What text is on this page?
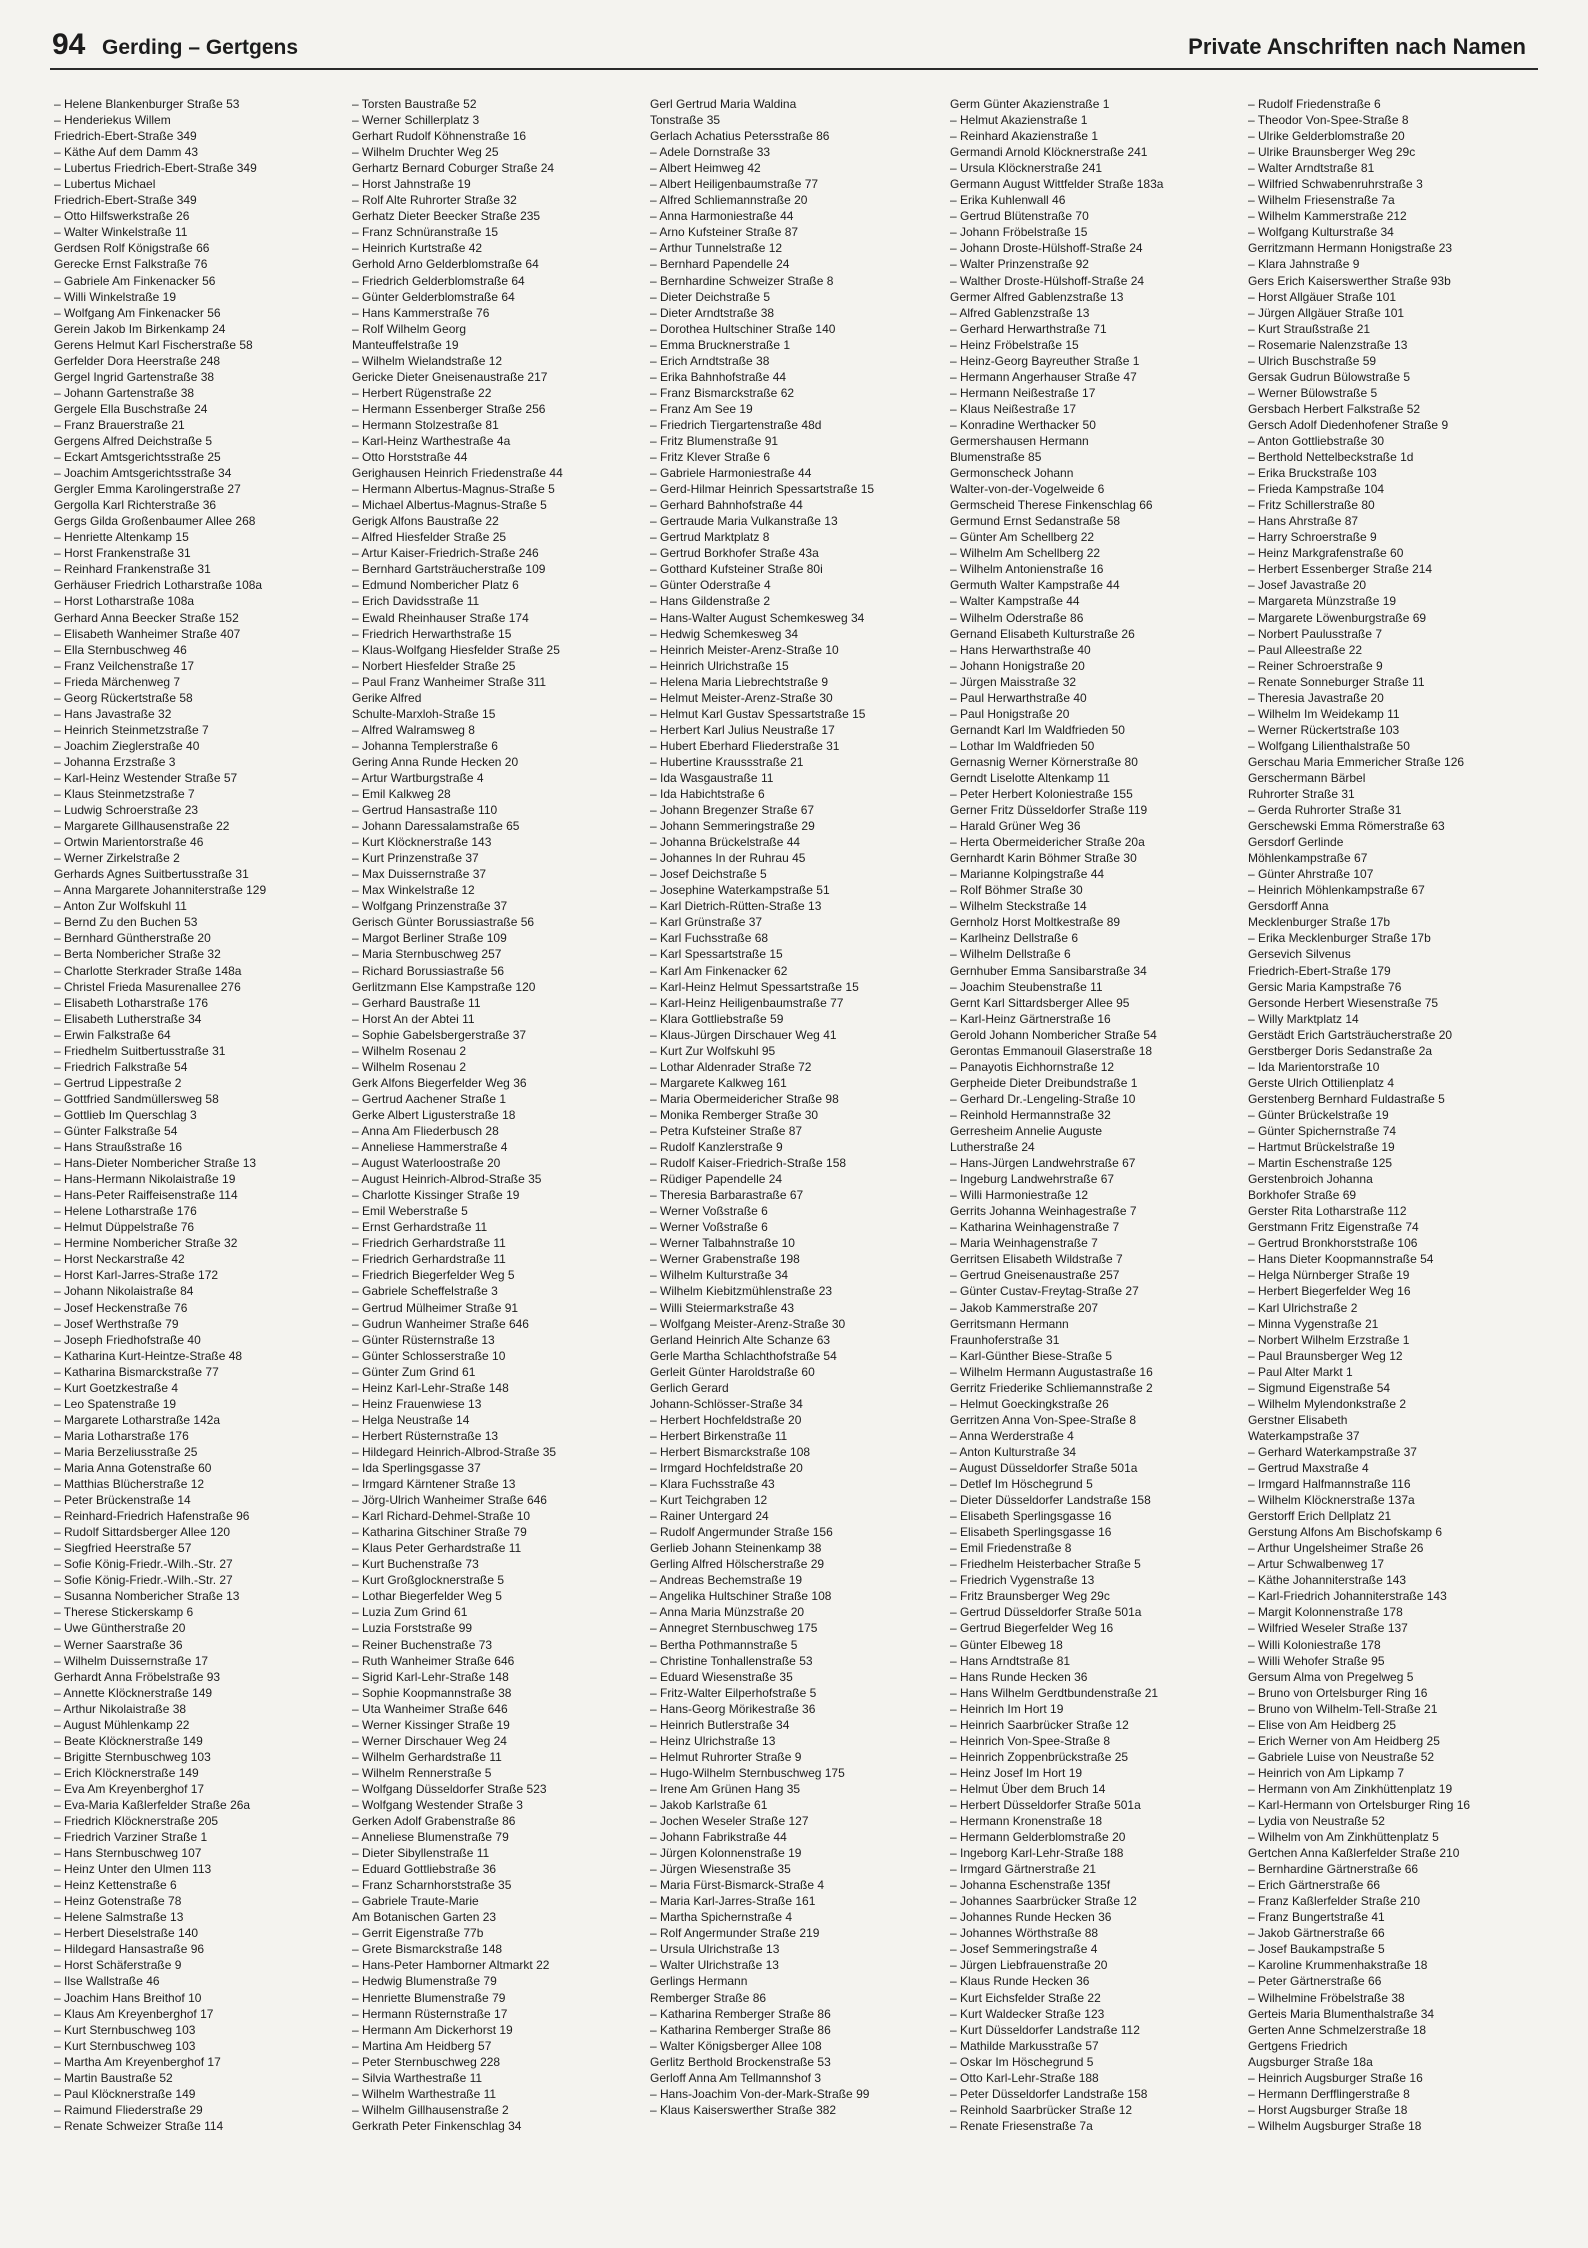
94 Gerding – Gertgens	Private Anschriften nach Namen
– Helene Blankenburger Straße 53
– Henderiekus Willem
Friedrich-Ebert-Straße 349
– Käthe Auf dem Damm 43
– Lubertus Friedrich-Ebert-Straße 349
– Lubertus Michael
Friedrich-Ebert-Straße 349
– Otto Hilfswerkstraße 26
– Walter Winkelstraße 11
Gerdsen Rolf Königstraße 66
Gerecke Ernst Falkstraße 76
– Gabriele Am Finkenacker 56
– Willi Winkelstraße 19
– Wolfgang Am Finkenacker 56
Gerein Jakob Im Birkenkamp 24
Gerens Helmut Karl Fischerstraße 58
Gerfelder Dora Heerstraße 248
Gergel Ingrid Gartenstraße 38
– Johann Gartenstraße 38
Gergele Ella Buschstraße 24
– Franz Brauerstraße 21
Gergens Alfred Deichstraße 5
– Eckart Amtsgerichtsstraße 25
– Joachim Amtsgerichtsstraße 34
Gergler Emma Karolingerstraße 27
Gergolla Karl Richterstraße 36
Gergs Gilda Großenbaumer Allee 268
– Henriette Altenkamp 15
– Horst Frankenstraße 31
– Reinhard Frankenstraße 31
Gerhäuser Friedrich Lotharstraße 108a
– Horst Lotharstraße 108a
Gerhard Anna Beecker Straße 152
– Elisabeth Wanheimer Straße 407
– Ella Sternbuschweg 46
– Franz Veilchenstraße 17
– Frieda Märchenweg 7
– Georg Rückertstraße 58
– Hans Javastraße 32
– Heinrich Steinmetzstraße 7
– Joachim Zieglerstraße 40
– Johanna Erzstraße 3
– Karl-Heinz Westender Straße 57
– Klaus Steinmetzstraße 7
– Ludwig Schroerstraße 23
– Margarete Gillhausenstraße 22
– Ortwin Marientorstraße 46
– Werner Zirkelstraße 2
Gerhards Agnes Suitbertusstraße 31
– Anna Margarete Johanniterstraße 129
– Anton Zur Wolfskuhl 11
– Bernd Zu den Buchen 53
– Bernhard Güntherstraße 20
– Berta Nombericher Straße 32
– Charlotte Sterkrader Straße 148a
– Christel Frieda Masurenallee 276
– Elisabeth Lotharstraße 176
– Elisabeth Lutherstraße 34
– Erwin Falkstraße 64
– Friedhelm Suitbertusstraße 31
– Friedrich Falkstraße 54
– Gertrud Lippestraße 2
– Gottfried Sandmüllersweg 58
– Gottlieb Im Querschlag 3
– Günter Falkstraße 54
– Hans Straußstraße 16
– Hans-Dieter Nombericher Straße 13
– Hans-Hermann Nikolaistraße 19
– Hans-Peter Raiffeisenstraße 114
– Helene Lotharstraße 176
– Helmut Düppelstraße 76
– Hermine Nombericher Straße 32
– Horst Neckarstraße 42
– Horst Karl-Jarres-Straße 172
– Johann Nikolaistraße 84
– Josef Heckenstraße 76
– Josef Werthstraße 79
– Joseph Friedhofstraße 40
– Katharina Kurt-Heintze-Straße 48
– Katharina Bismarckstraße 77
– Kurt Goetzkestraße 4
– Leo Spatenstraße 19
– Margarete Lotharstraße 142a
– Maria Lotharstraße 176
– Maria Berzeliusstraße 25
– Maria Anna Gotenstraße 60
– Matthias Blücherstraße 12
– Peter Brückenstraße 14
– Reinhard-Friedrich Hafenstraße 96
– Rudolf Sittardsberger Allee 120
– Siegfried Heerstraße 57
– Sofie König-Friedr.-Wilh.-Str. 27
– Sofie König-Friedr.-Wilh.-Str. 27
– Susanna Nombericher Straße 13
– Therese Stickerskamp 6
– Uwe Güntherstraße 20
– Werner Saarstraße 36
– Wilhelm Duissernstraße 17
Gerhardt Anna Fröbelstraße 93
– Annette Klöcknerstraße 149
– Arthur Nikolaistraße 38
– August Mühlenkamp 22
– Beate Klöcknerstraße 149
– Brigitte Sternbuschweg 103
– Erich Klöcknerstraße 149
– Eva Am Kreyenberghof 17
– Eva-Maria Kaßlerfelder Straße 26a
– Friedrich Klöcknerstraße 205
– Friedrich Varziner Straße 1
– Hans Sternbuschweg 107
– Heinz Unter den Ulmen 113
– Heinz Kettenstraße 6
– Heinz Gotenstraße 78
– Helene Salmstraße 13
– Herbert Dieselstraße 140
– Hildegard Hansastraße 96
– Horst Schäferstraße 9
– Ilse Wallstraße 46
– Joachim Hans Breithof 10
– Klaus Am Kreyenberghof 17
– Kurt Sternbuschweg 103
– Kurt Sternbuschweg 103
– Martha Am Kreyenberghof 17
– Martin Baustraße 52
– Paul Klöcknerstraße 149
– Raimund Fliederstraße 29
– Renate Schweizer Straße 114
– Torsten Baustraße 52
– Werner Schillerplatz 3
Gerhart Rudolf Köhnenstraße 16
– Wilhelm Druchter Weg 25
Gerhartz Bernard Coburger Straße 24
– Horst Jahnstraße 19
– Rolf Alte Ruhrorter Straße 32
Gerhatz Dieter Beecker Straße 235
– Franz Schnüranstraße 15
– Heinrich Kurtstraße 42
Gerhold Arno Gelderblomstraße 64
– Friedrich Gelderblomstraße 64
– Günter Gelderblomstraße 64
– Hans Kammerstraße 76
– Rolf Wilhelm Georg
Manteuffelstraße 19
– Wilhelm Wielandstraße 12
Gericke Dieter Gneisenaustraße 217
– Herbert Rügenstraße 22
– Hermann Essenberger Straße 256
– Hermann Stolzestraße 81
– Karl-Heinz Warthestraße 4a
– Otto Horststraße 44
Gerighausen Heinrich Friedenstraße 44
– Hermann Albertus-Magnus-Straße 5
– Michael Albertus-Magnus-Straße 5
Gerigk Alfons Baustraße 22
– Alfred Hiesfelder Straße 25
– Artur Kaiser-Friedrich-Straße 246
– Bernhard Gartsträucherstraße 109
– Edmund Nombericher Platz 6
– Erich Davidsstraße 11
– Ewald Rheinhauser Straße 174
– Friedrich Herwarthstraße 15
– Klaus-Wolfgang Hiesfelder Straße 25
– Norbert Hiesfelder Straße 25
– Paul Franz Wanheimer Straße 311
Gerike Alfred
Schulte-Marxloh-Straße 15
– Alfred Walramsweg 8
– Johanna Templerstraße 6
Gering Anna Runde Hecken 20
– Artur Wartburgstraße 4
– Emil Kalkweg 28
– Gertrud Hansastraße 110
– Johann Daressalamstraße 65
– Kurt Klöcknerstraße 143
– Kurt Prinzenstraße 37
– Max Duissernstraße 37
– Max Winkelstraße 12
– Wolfgang Prinzenstraße 37
Gerisch Günter Borussiastraße 56
– Margot Berliner Straße 109
– Maria Sternbuschweg 257
– Richard Borussiastraße 56
Gerlitzmann Else Kampstraße 120
– Gerhard Baustraße 11
– Horst An der Abtei 11
– Sophie Gabelsbergerstraße 37
– Wilhelm Rosenau 2
– Wilhelm Rosenau 2
Gerk Alfons Biegerfelder Weg 36
– Gertrud Aachener Straße 1
Gerke Albert Ligusterstraße 18
– Anna Am Fliederbusch 28
– Anneliese Hammerstraße 4
– August Waterloostraße 20
– August Heinrich-Albrod-Straße 35
– Charlotte Kissinger Straße 19
– Emil Weberstraße 5
– Ernst Gerhardstraße 11
– Friedrich Gerhardstraße 11
– Friedrich Gerhardstraße 11
– Friedrich Biegerfelder Weg 5
– Gabriele Scheffelstraße 3
– Gertrud Mülheimer Straße 91
– Gudrun Wanheimer Straße 646
– Günter Rüsternstraße 13
– Günter Schlosserstraße 10
– Günter Zum Grind 61
– Heinz Karl-Lehr-Straße 148
– Heinz Frauenwiese 13
– Helga Neustraße 14
– Herbert Rüsternstraße 13
– Hildegard Heinrich-Albrod-Straße 35
– Ida Sperlingsgasse 37
– Irmgard Kärntener Straße 13
– Jörg-Ulrich Wanheimer Straße 646
– Karl Richard-Dehmel-Straße 10
– Katharina Gitschiner Straße 79
– Klaus Peter Gerhardstraße 11
– Kurt Buchenstraße 73
– Kurt Großglocknerstraße 5
– Lothar Biegerfelder Weg 5
– Luzia Zum Grind 61
– Luzia Forststraße 99
– Reiner Buchenstraße 73
– Ruth Wanheimer Straße 646
– Sigrid Karl-Lehr-Straße 148
– Sophie Koopmannstraße 38
– Uta Wanheimer Straße 646
– Werner Kissinger Straße 19
– Werner Dirschauer Weg 24
– Wilhelm Gerhardstraße 11
– Wilhelm Rennerstraße 5
– Wolfgang Düsseldorfer Straße 523
– Wolfgang Westender Straße 3
Gerken Adolf Grabenstraße 86
– Anneliese Blumenstraße 79
– Dieter Sibyllenstraße 11
– Eduard Gottliebstraße 36
– Franz Scharnhorststraße 35
– Gabriele Traute-Marie
Am Botanischen Garten 23
– Gerrit Eigenstraße 77b
– Grete Bismarckstraße 148
– Hans-Peter Hamborner Altmarkt 22
– Hedwig Blumenstraße 79
– Henriette Blumenstraße 79
– Hermann Rüsternstraße 17
– Hermann Am Dickerhorst 19
– Martina Am Heidberg 57
– Peter Sternbuschweg 228
– Silvia Warthestraße 11
– Wilhelm Warthestraße 11
– Wilhelm Gillhausenstraße 2
Gerkrath Peter Finkenschlag 34
Gerl Gertrud Maria Waldina
Tonstraße 35
Gerlach Achatius Petersstraße 86
– Adele Dornstraße 33
– Albert Heimweg 42
– Albert Heiligenbaumstraße 77
– Alfred Schliemannstraße 20
– Anna Harmoniestraße 44
– Arno Kufsteiner Straße 87
– Arthur Tunnelstraße 12
– Bernhard Papendelle 24
– Bernhardine Schweizer Straße 8
– Dieter Deichstraße 5
– Dieter Arndtstraße 38
– Dorothea Hultschiner Straße 140
– Emma Brucknerstraße 1
– Erich Arndtstraße 38
– Erika Bahnhofstraße 44
– Franz Bismarckstraße 62
– Franz Am See 19
– Friedrich Tiergartenstraße 48d
– Fritz Blumenstraße 91
– Fritz Klever Straße 6
– Gabriele Harmoniestraße 44
– Gerd-Hilmar Heinrich Spessartstraße 15
– Gerhard Bahnhofstraße 44
– Gertraude Maria Vulkanstraße 13
– Gertrud Marktplatz 8
– Gertrud Borkhofer Straße 43a
– Gotthard Kufsteiner Straße 80i
– Günter Oderstraße 4
– Hans Gildenstraße 2
– Hans-Walter August Schemkesweg 34
– Hedwig Schemkesweg 34
– Heinrich Meister-Arenz-Straße 10
– Heinrich Ulrichstraße 15
– Helena Maria Liebrechtstraße 9
– Helmut Meister-Arenz-Straße 30
– Helmut Karl Gustav Spessartstraße 15
– Herbert Karl Julius Neustraße 17
– Hubert Eberhard Fliederstraße 31
– Hubertine Kraussstraße 21
– Ida Wasgaustraße 11
– Ida Habichtstraße 6
– Johann Bregenzer Straße 67
– Johann Semmeringstraße 29
– Johanna Brückelstraße 44
– Johannes In der Ruhrau 45
– Josef Deichstraße 5
– Josephine Waterkampstraße 51
– Karl Dietrich-Rütten-Straße 13
– Karl Grünstraße 37
– Karl Fuchsstraße 68
– Karl Spessartstraße 15
– Karl Am Finkenacker 62
– Karl-Heinz Helmut Spessartstraße 15
– Karl-Heinz Heiligenbaumstraße 77
– Klara Gottliebstraße 59
– Klaus-Jürgen Dirschauer Weg 41
– Kurt Zur Wolfskuhl 95
– Lothar Aldenrader Straße 72
– Margarete Kalkweg 161
– Maria Obermeidericher Straße 98
– Monika Remberger Straße 30
– Petra Kufsteiner Straße 87
– Rudolf Kanzlerstraße 9
– Rudolf Kaiser-Friedrich-Straße 158
– Rüdiger Papendelle 24
– Theresia Barbarastraße 67
– Werner Voßstraße 6
– Werner Voßstraße 6
– Werner Talbahnstraße 10
– Werner Grabenstraße 198
– Wilhelm Kulturstraße 34
– Wilhelm Kiebitzmühlenstraße 23
– Willi Steiermarkstraße 43
– Wolfgang Meister-Arenz-Straße 30
Gerland Heinrich Alte Schanze 63
Gerle Martha Schlachthofstraße 54
Gerleit Günter Haroldstraße 60
Gerlich Gerard
Johann-Schlösser-Straße 34
– Herbert Hochfeldstraße 20
– Herbert Birkenstraße 11
– Herbert Bismarckstraße 108
– Irmgard Hochfeldstraße 20
– Klara Fuchsstraße 43
– Kurt Teichgraben 12
– Rainer Untergard 24
– Rudolf Angermunder Straße 156
Gerlieb Johann Steinenkamp 38
Gerling Alfred Hölscherstraße 29
– Andreas Bechemstraße 19
– Angelika Hultschiner Straße 108
– Anna Maria Münzstraße 20
– Annegret Sternbuschweg 175
– Bertha Pothmannstraße 5
– Christine Tonhallenstraße 53
– Eduard Wiesenstraße 35
– Fritz-Walter Eilperhofstraße 5
– Hans-Georg Mörikestraße 36
– Heinrich Butlerstraße 34
– Heinz Ulrichstraße 13
– Helmut Ruhrorter Straße 9
– Hugo-Wilhelm Sternbuschweg 175
– Irene Am Grünen Hang 35
– Jakob Karlstraße 61
– Jochen Weseler Straße 127
– Johann Fabrikstraße 44
– Jürgen Kolonnenstraße 19
– Jürgen Wiesenstraße 35
– Maria Fürst-Bismarck-Straße 4
– Maria Karl-Jarres-Straße 161
– Martha Spichernstraße 4
– Rolf Angermunder Straße 219
– Ursula Ulrichstraße 13
– Walter Ulrichstraße 13
Gerlings Hermann
Remberger Straße 86
– Katharina Remberger Straße 86
– Katharina Remberger Straße 86
– Walter Königsberger Allee 108
Gerlitz Berthold Brockenstraße 53
Gerloff Anna Am Tellmannshof 3
– Hans-Joachim Von-der-Mark-Straße 99
– Klaus Kaiserswerther Straße 382
Germ Günter Akazienstraße 1
– Helmut Akazienstraße 1
– Reinhard Akazienstraße 1
Germandi Arnold Klöcknerstraße 241
– Ursula Klöcknerstraße 241
Germann August Wittfelder Straße 183a
– Erika Kuhlenwall 46
– Gertrud Blütenstraße 70
– Johann Fröbelstraße 15
– Johann Droste-Hülshoff-Straße 24
– Walter Prinzenstraße 92
– Walther Droste-Hülshoff-Straße 24
Germer Alfred Gablenzstraße 13
– Alfred Gablenzstraße 13
– Gerhard Herwarthstraße 71
– Heinz Fröbelstraße 15
– Heinz-Georg Bayreuther Straße 1
– Hermann Angerhauser Straße 47
– Hermann Neißestraße 17
– Klaus Neißestraße 17
– Konradine Werthacker 50
Germershausen Hermann
Blumenstraße 85
Germonscheck Johann
Walter-von-der-Vogelweide 6
Germscheid Therese Finkenschlag 66
Germund Ernst Sedanstraße 58
– Günter Am Schellberg 22
– Wilhelm Am Schellberg 22
– Wilhelm Antonienstraße 16
Germuth Walter Kampstraße 44
– Walter Kampstraße 44
– Wilhelm Oderstraße 86
Gernand Elisabeth Kulturstraße 26
– Hans Herwarthstraße 40
– Johann Honigstraße 20
– Jürgen Maisstraße 32
– Paul Herwarthstraße 40
– Paul Honigstraße 20
Gernandt Karl Im Waldfrieden 50
– Lothar Im Waldfrieden 50
Gernasnig Werner Körnerstraße 80
Gerndt Liselotte Altenkamp 11
– Peter Herbert Koloniestraße 155
Gerner Fritz Düsseldorfer Straße 119
– Harald Grüner Weg 36
– Herta Obermeidericher Straße 20a
Gernhardt Karin Böhmer Straße 30
– Marianne Kolpingstraße 44
– Rolf Böhmer Straße 30
– Wilhelm Steckstraße 14
Gernholz Horst Moltkestraße 89
– Karlheinz Dellstraße 6
– Wilhelm Dellstraße 6
Gernhuber Emma Sansibarstraße 34
– Joachim Steubenstraße 11
Gernt Karl Sittardsberger Allee 95
– Karl-Heinz Gärtnerstraße 16
Gerold Johann Nombericher Straße 54
Gerontas Emmanouil Glaserstraße 18
– Panayotis Eichhornstraße 12
Gerpheide Dieter Dreibundstraße 1
– Gerhard Dr.-Lengeling-Straße 10
– Reinhold Hermannstraße 32
Gerresheim Annelie Auguste
Lutherstraße 24
– Hans-Jürgen Landwehrstraße 67
– Ingeburg Landwehrstraße 67
– Willi Harmoniestraße 12
Gerrits Johanna Weinhagestraße 7
– Katharina Weinhagenstraße 7
– Maria Weinhagenstraße 7
Gerritsen Elisabeth Wildstraße 7
– Gertrud Gneisenaustraße 257
– Günter Custav-Freytag-Straße 27
– Jakob Kammerstraße 207
Gerritsmann Hermann
Fraunhoferstraße 31
– Karl-Günther Biese-Straße 5
– Wilhelm Hermann Augustastraße 16
Gerritz Friederike Schliemannstraße 2
– Helmut Goeckingkstraße 26
Gerritzen Anna Von-Spee-Straße 8
– Anna Werderstraße 4
– Anton Kulturstraße 34
– August Düsseldorfer Straße 501a
– Detlef Im Höschegrund 5
– Dieter Düsseldorfer Landstraße 158
– Elisabeth Sperlingsgasse 16
– Elisabeth Sperlingsgasse 16
– Emil Friedenstraße 8
– Friedhelm Heisterbacher Straße 5
– Friedrich Vygenstraße 13
– Fritz Braunsberger Weg 29c
– Gertrud Düsseldorfer Straße 501a
– Gertrud Biegerfelder Weg 16
– Günter Elbeweg 18
– Hans Arndtstraße 81
– Hans Runde Hecken 36
– Hans Wilhelm Gerdtbundenstraße 21
– Heinrich Im Hort 19
– Heinrich Saarbrücker Straße 12
– Heinrich Von-Spee-Straße 8
– Heinrich Zoppenbrückstraße 25
– Heinz Josef Im Hort 19
– Helmut Über dem Bruch 14
– Herbert Düsseldorfer Straße 501a
– Hermann Kronenstraße 18
– Hermann Gelderblomstraße 20
– Ingeborg Karl-Lehr-Straße 188
– Irmgard Gärtnerstraße 21
– Johanna Eschenstraße 135f
– Johannes Saarbrücker Straße 12
– Johannes Runde Hecken 36
– Johannes Wörthstraße 88
– Josef Semmeringstraße 4
– Jürgen Liebfrauenstraße 20
– Klaus Runde Hecken 36
– Kurt Eichsfelder Straße 22
– Kurt Waldecker Straße 123
– Kurt Düsseldorfer Landstraße 112
– Mathilde Markusstraße 57
– Oskar Im Höschegrund 5
– Otto Karl-Lehr-Straße 188
– Peter Düsseldorfer Landstraße 158
– Reinhold Saarbrücker Straße 12
– Renate Friesenstraße 7a
– Rudolf Friedenstraße 6
– Theodor Von-Spee-Straße 8
– Ulrike Gelderblomstraße 20
– Ulrike Braunsberger Weg 29c
– Walter Arndtstraße 81
– Wilfried Schwabenruhrstraße 3
– Wilhelm Friesenstraße 7a
– Wilhelm Kammerstraße 212
– Wolfgang Kulturstraße 34
Gerritzmann Hermann Honigstraße 23
– Klara Jahnstraße 9
Gers Erich Kaiserswerther Straße 93b
– Horst Allgäuer Straße 101
– Jürgen Allgäuer Straße 101
– Kurt Straußstraße 21
– Rosemarie Nalenzstraße 13
– Ulrich Buschstraße 59
Gersak Gudrun Bülowstraße 5
– Werner Bülowstraße 5
Gersbach Herbert Falkstraße 52
Gersch Adolf Diedenhofener Straße 9
– Anton Gottliebstraße 30
– Berthold Nettelbeckstraße 1d
– Erika Bruckstraße 103
– Frieda Kampstraße 104
– Fritz Schillerstraße 80
– Hans Ahrstraße 87
– Harry Schroerstraße 9
– Heinz Markgrafenstraße 60
– Herbert Essenberger Straße 214
– Josef Javastraße 20
– Margareta Münzstraße 19
– Margarete Löwenburgstraße 69
– Norbert Paulusstraße 7
– Paul Alleestraße 22
– Reiner Schroerstraße 9
– Renate Sonneburger Straße 11
– Theresia Javastraße 20
– Wilhelm Im Weidekamp 11
– Werner Rückertstraße 103
– Wolfgang Lilienthalstraße 50
Gerschau Maria Emmericher Straße 126
Gerschermann Bärbel
Ruhrorter Straße 31
– Gerda Ruhrorter Straße 31
Gerschewski Emma Römerstraße 63
Gersdorf Gerlinde
Möhlenkampstraße 67
– Günter Ahrstraße 107
– Heinrich Möhlenkampstraße 67
Gersdorff Anna
Mecklenburger Straße 17b
– Erika Mecklenburger Straße 17b
Gersevich Silvenus
Friedrich-Ebert-Straße 179
Gersic Maria Kampstraße 76
Gersonde Herbert Wiesenstraße 75
– Willy Marktplatz 14
Gerstädt Erich Gartsträucherstraße 20
Gerstberger Doris Sedanstraße 2a
– Ida Marientorstraße 10
Gerste Ulrich Ottilienplatz 4
Gerstenberg Bernhard Fuldastraße 5
– Günter Brückelstraße 19
– Günter Spichernstraße 74
– Hartmut Brückelstraße 19
– Martin Eschenstraße 125
Gerstenbroich Johanna
Borkhofer Straße 69
Gerster Rita Lotharstraße 112
Gerstmann Fritz Eigenstraße 74
– Gertrud Bronkhorststraße 106
– Hans Dieter Koopmannstraße 54
– Helga Nürnberger Straße 19
– Herbert Biegerfelder Weg 16
– Karl Ulrichstraße 2
– Minna Vygenstraße 21
– Norbert Wilhelm Erzstraße 1
– Paul Braunsberger Weg 12
– Paul Alter Markt 1
– Sigmund Eigenstraße 54
– Wilhelm Mylendonkstraße 2
Gerstner Elisabeth
Waterkampstraße 37
– Gerhard Waterkampstraße 37
– Gertrud Maxstraße 4
– Irmgard Halfmannstraße 116
– Wilhelm Klöcknerstraße 137a
Gerstorff Erich Dellplatz 21
Gerstung Alfons Am Bischofskamp 6
– Arthur Ungelsheimer Straße 26
– Artur Schwalbenweg 17
– Käthe Johanniterstraße 143
– Karl-Friedrich Johanniterstraße 143
– Margit Kolonnenstraße 178
– Wilfried Weseler Straße 137
– Willi Koloniestraße 178
– Willi Wehofer Straße 95
Gersum Alma von Pregelweg 5
– Bruno von Ortelsburger Ring 16
– Bruno von Wilhelm-Tell-Straße 21
– Elise von Am Heidberg 25
– Erich Werner von Am Heidberg 25
– Gabriele Luise von Neustraße 52
– Heinrich von Am Lipkamp 7
– Hermann von Am Zinkhüttenplatz 19
– Karl-Hermann von Ortelsburger Ring 16
– Lydia von Neustraße 52
– Wilhelm von Am Zinkhüttenplatz 5
Gertchen Anna Kaßlerfelder Straße 210
– Bernhardine Gärtnerstraße 66
– Erich Gärtnerstraße 66
– Franz Kaßlerfelder Straße 210
– Franz Bungertstraße 41
– Jakob Gärtnerstraße 66
– Josef Baukampstraße 5
– Karoline Krummenhakstraße 18
– Peter Gärtnerstraße 66
– Wilhelmine Fröbelstraße 38
Gerteis Maria Blumenthalstraße 34
Gerten Anne Schmelzerstraße 18
Gertgens Friedrich
Augsburger Straße 18a
– Heinrich Augsburger Straße 16
– Hermann Derfflingerstraße 8
– Horst Augsburger Straße 18
– Wilhelm Augsburger Straße 18
